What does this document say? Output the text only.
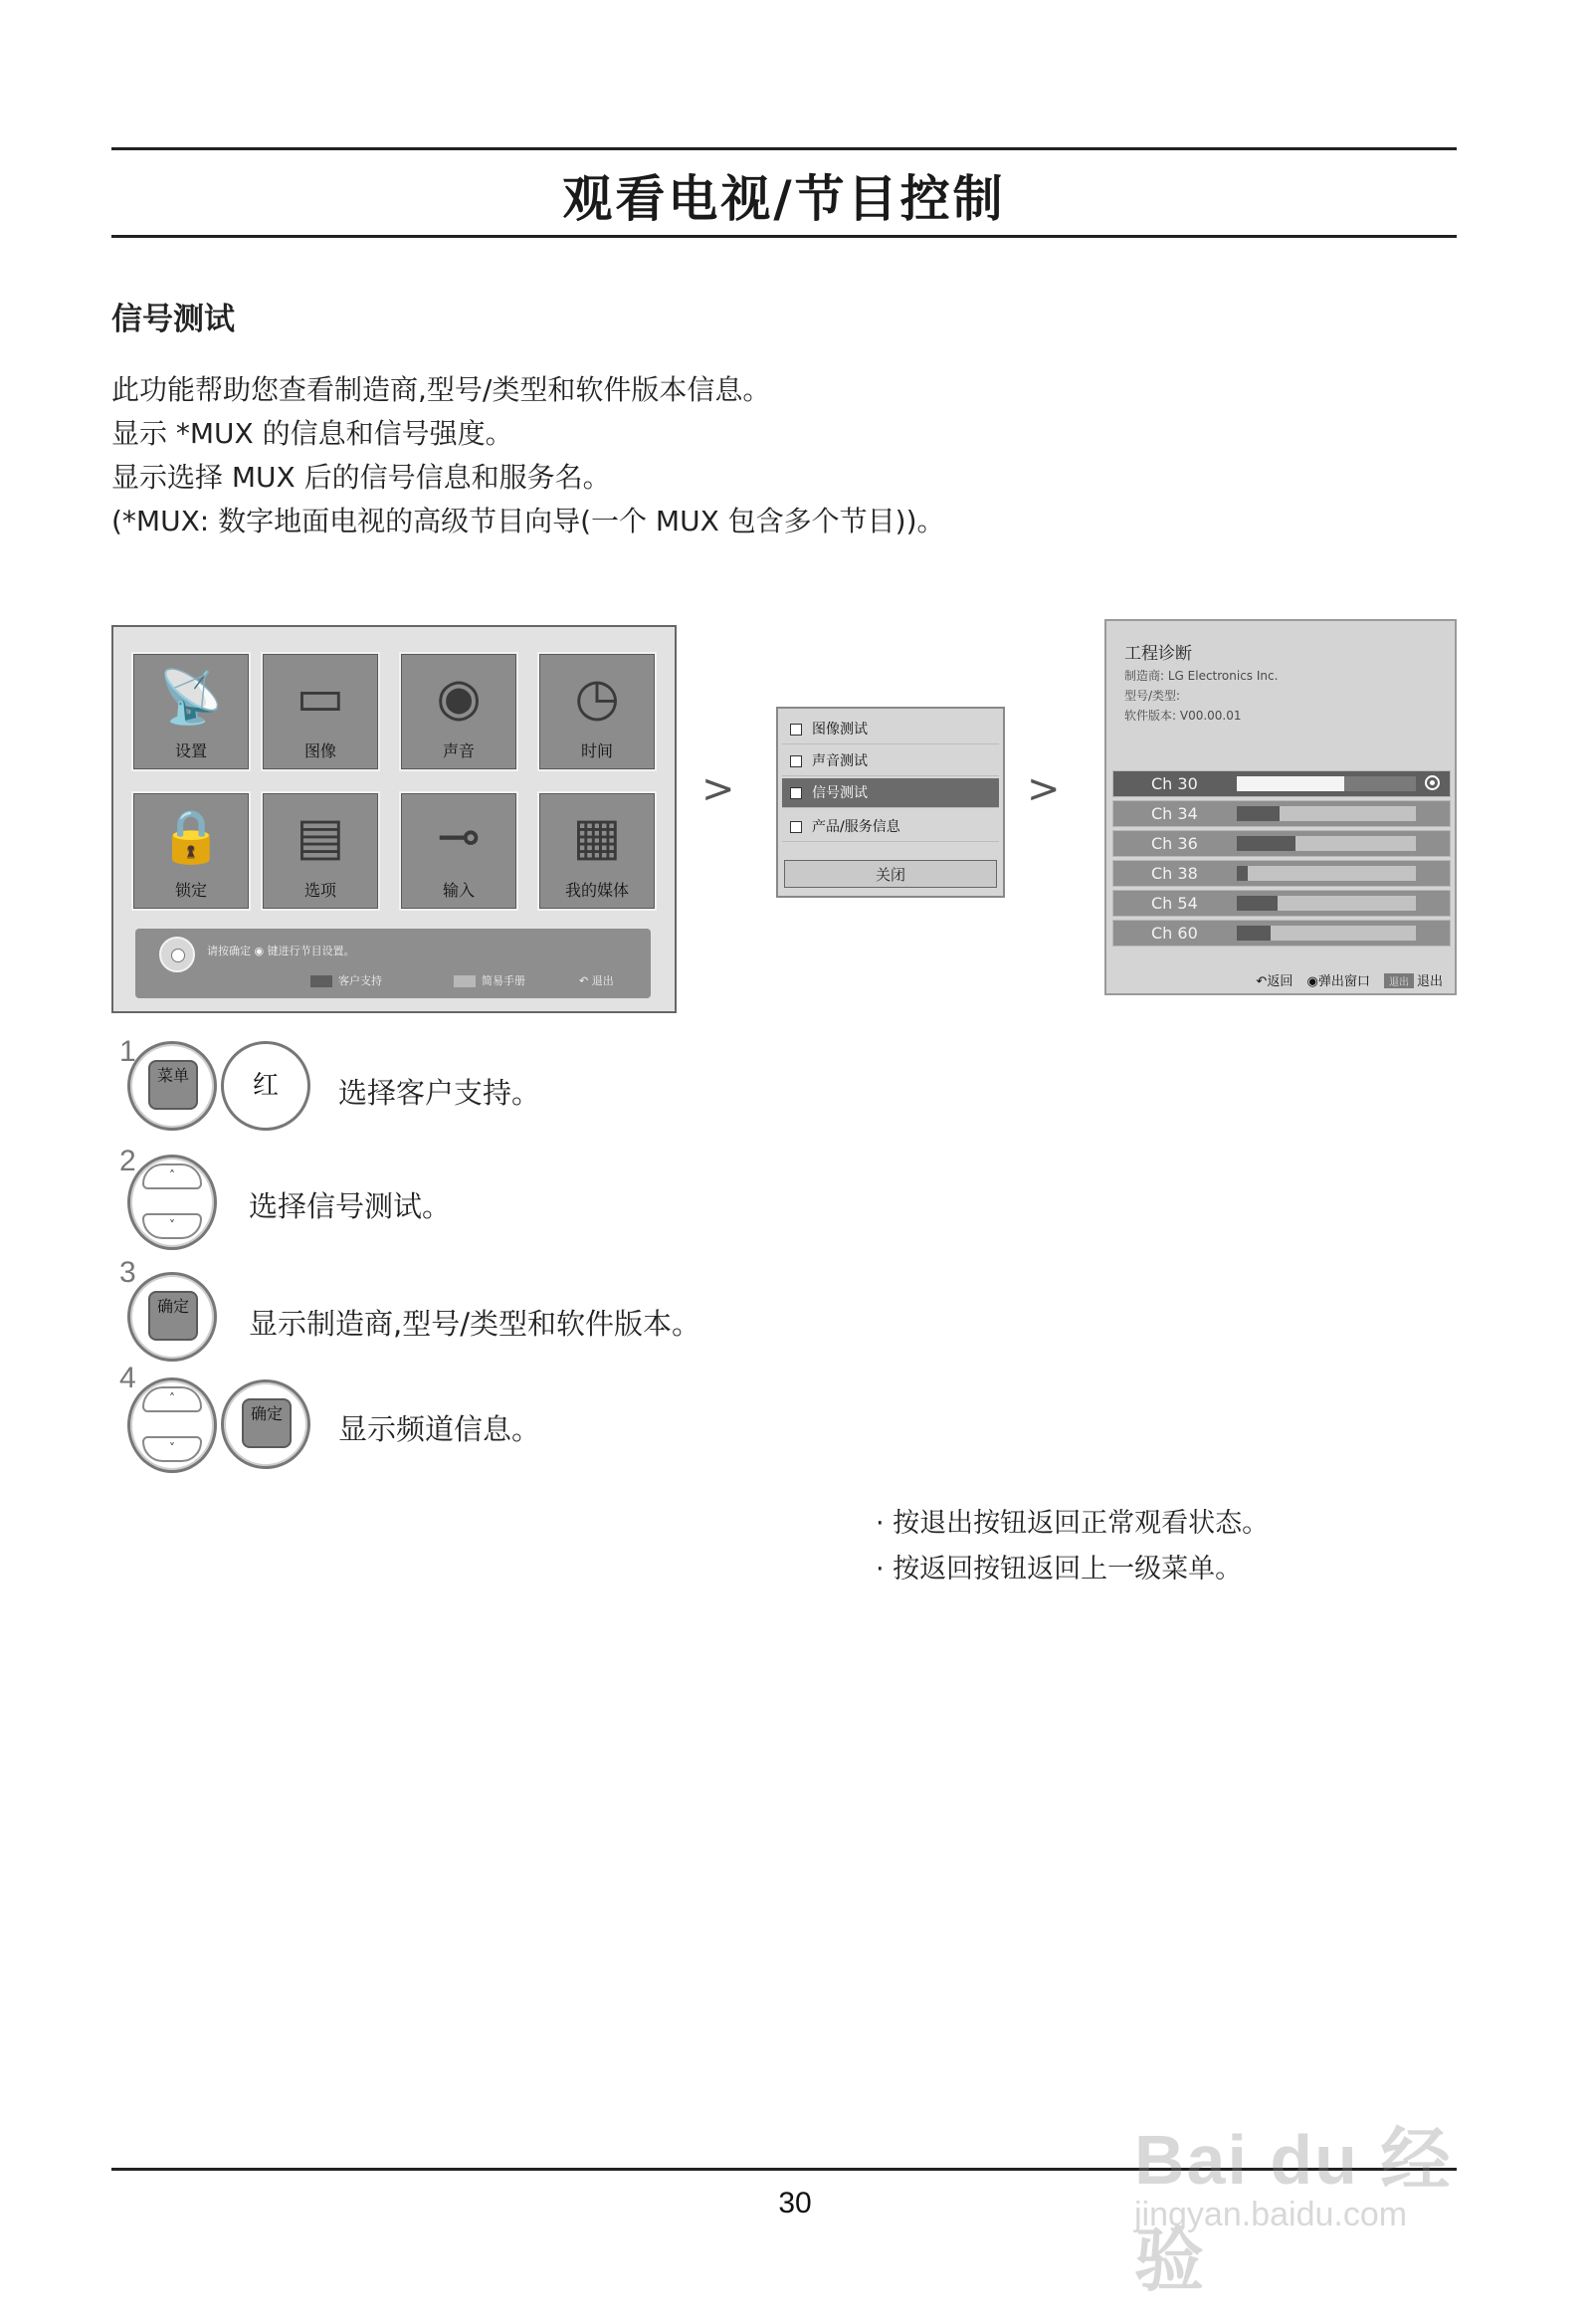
观看电视/节目控制
信号测试
此功能帮助您查看制造商,型号/类型和软件版本信息。
显示 *MUX 的信息和信号强度。
显示选择 MUX 后的信号信息和服务名。
(*MUX: 数字地面电视的高级节目向导(一个 MUX 包含多个节目))。
📡
设置
▭
图像
◉
声音
◷
时间
🔒
锁定
▤
选项
⊸
输入
▦
我的媒体
请按确定 ◉ 键进行节目设置。
客户支持	简易手册	↶ 退出
>	>
图像测试
声音测试
✓ 信号测试
产品/服务信息
关闭
工程诊断
制造商: LG Electronics Inc.
型号/类型:
软件版本: V00.00.01
Ch 30
Ch 34
Ch 36
Ch 38
Ch 54
Ch 60
↶返回 ◉弹出窗口 退出 退出
1
菜单	红	选择客户支持。
2	˄
˅
选择信号测试。
3
确定
显示制造商,型号/类型和软件版本。
4
˄
˅
确定	显示频道信息。
· 按退出按钮返回正常观看状态。
· 按返回按钮返回上一级菜单。
30
Bai du 经验
jingyan.baidu.com
